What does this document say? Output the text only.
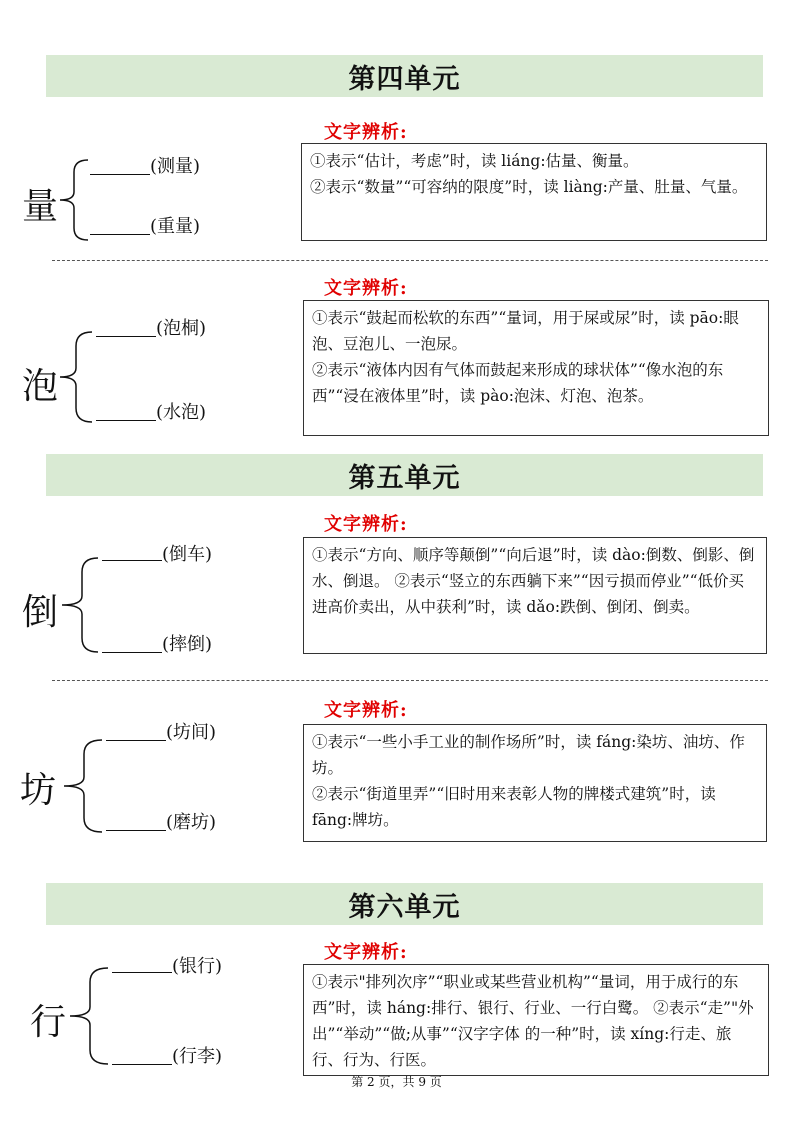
第四单元
第五单元
第六单元
量
(测量)
(重量)
文字辨析:

①表示“估计，考虑”时，读 liáng:估量、衡量。

②表示“数量”“可容纳的限度”时，读 liàng:产量、肚量、气量。

泡
(泡桐)
(水泡)
文字辨析:

①表示“鼓起而松软的东西”“量词，用于屎或尿”时，读 pāo:眼泡、豆泡儿、一泡尿。

②表示“液体内因有气体而鼓起来形成的球状体”“像水泡的东西”“浸在液体里”时，读 pào:泡沫、灯泡、泡茶。

倒
(倒车)
(摔倒)
文字辨析:

①表示“方向、顺序等颠倒”“向后退”时，读 dào:倒数、倒影、倒水、倒退。 ②表示“竖立的东西躺下来”“因亏损而停业”“低价买进高价卖出，从中获利”时，读 dǎo:跌倒、倒闭、倒卖。

坊
(坊间)
(磨坊)
文字辨析:

①表示“一些小手工业的制作场所”时，读 fáng:染坊、油坊、作坊。

②表示“街道里弄”“旧时用来表彰人物的牌楼式建筑”时，读 fāng:牌坊。

行
(银行)
(行李)
文字辨析:

①表示"排列次序”“职业或某些营业机构”“量词，用于成行的东西”时，读 háng:排行、银行、行业、一行白鹭。 ②表示“走”"外出”“举动”“做;从事”“汉字字体 的一种”时，读 xíng:行走、旅行、行为、行医。

第 2 页，共 9 页
